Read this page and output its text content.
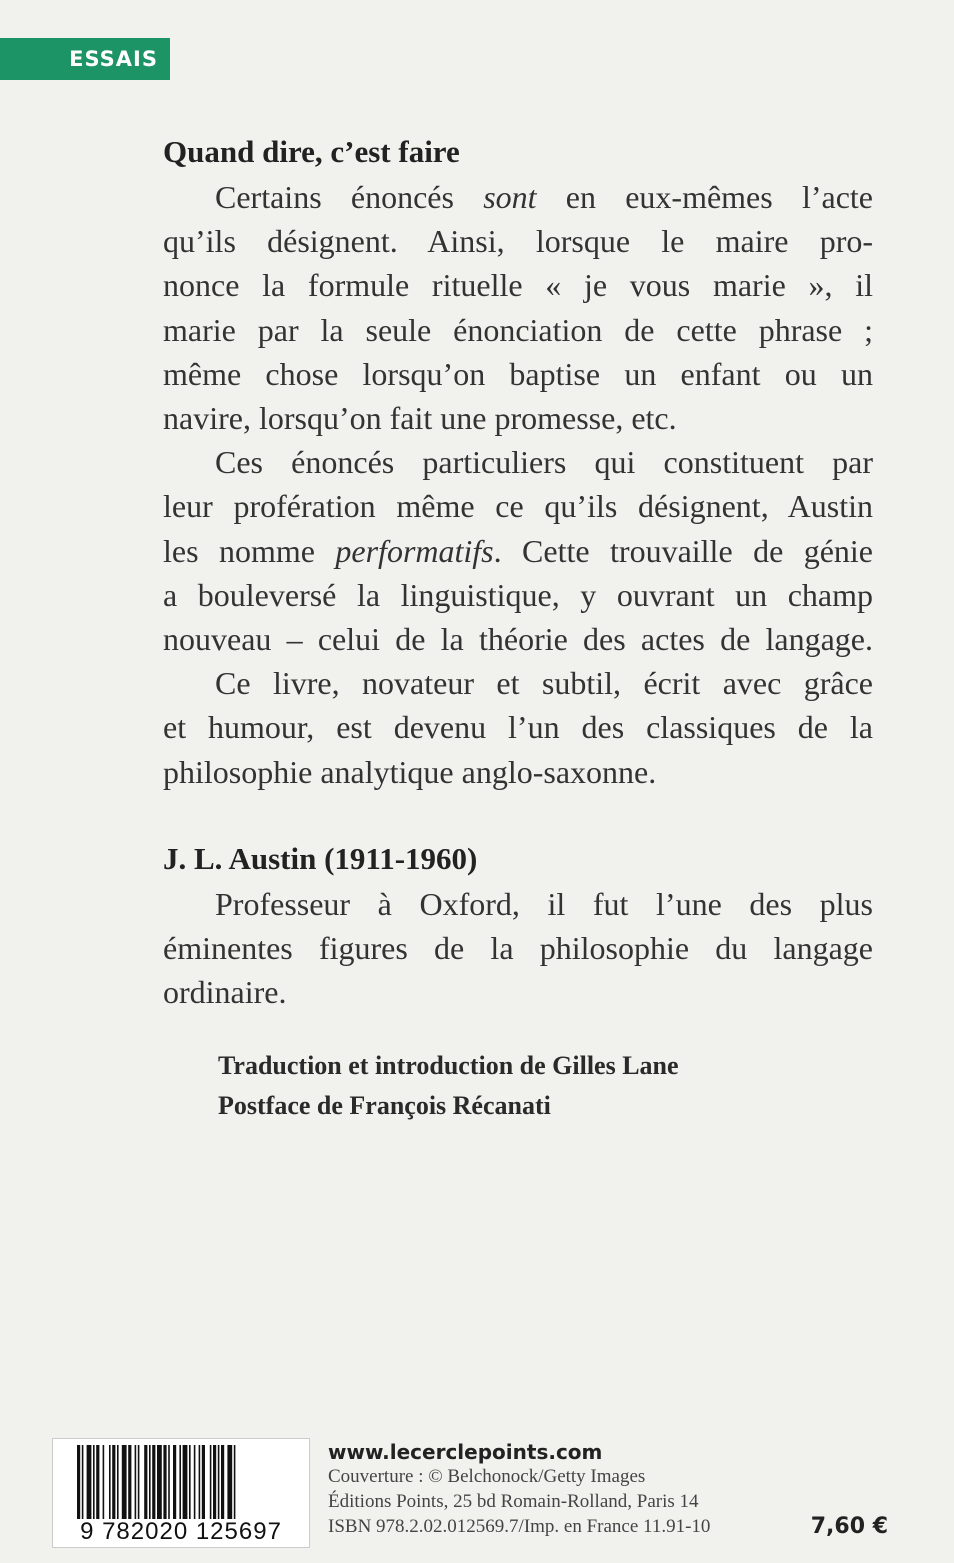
ESSAIS
Quand dire, c’est faire
Certains énoncés sont en eux-mêmes l’acte
qu’ils désignent. Ainsi, lorsque le maire pro-
nonce la formule rituelle « je vous marie », il
marie par la seule énonciation de cette phrase ;
même chose lorsqu’on baptise un enfant ou un
navire, lorsqu’on fait une promesse, etc.
Ces énoncés particuliers qui constituent par
leur profération même ce qu’ils désignent, Austin
les nomme performatifs. Cette trouvaille de génie
a bouleversé la linguistique, y ouvrant un champ
nouveau – celui de la théorie des actes de langage.
Ce livre, novateur et subtil, écrit avec grâce
et humour, est devenu l’un des classiques de la
philosophie analytique anglo-saxonne.
J. L. Austin (1911-1960)
Professeur à Oxford, il fut l’une des plus
éminentes figures de la philosophie du langage
ordinaire.
Traduction et introduction de Gilles Lane
Postface de François Récanati
9 782020 125697
www.lecerclepoints.com
Couverture : © Belchonock/Getty Images
Éditions Points, 25 bd Romain-Rolland, Paris 14
ISBN 978.2.02.012569.7/Imp. en France 11.91-10	7,60 €
